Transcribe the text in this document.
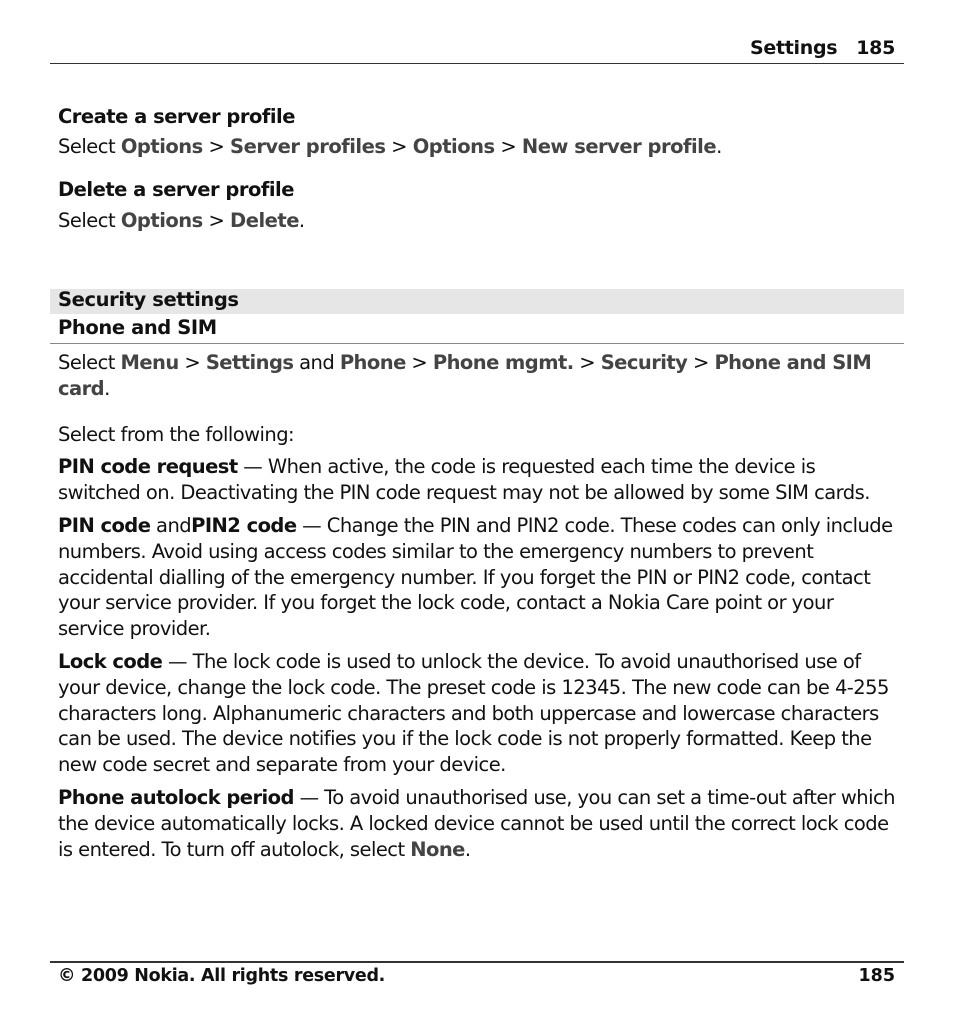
Settings   185

Create a server profile

Select Options > Server profiles > Options > New server profile.

Delete a server profile

Select Options > Delete.

Security settings
Phone and SIM

Select Menu > Settings and Phone > Phone mgmt. > Security > Phone and SIM card.

Select from the following:

PIN code request — When active, the code is requested each time the device is switched on. Deactivating the PIN code request may not be allowed by some SIM cards.

PIN code andPIN2 code — Change the PIN and PIN2 code. These codes can only include numbers. Avoid using access codes similar to the emergency numbers to prevent accidental dialling of the emergency number. If you forget the PIN or PIN2 code, contact your service provider. If you forget the lock code, contact a Nokia Care point or your service provider.

Lock code — The lock code is used to unlock the device. To avoid unauthorised use of your device, change the lock code. The preset code is 12345. The new code can be 4-255 characters long. Alphanumeric characters and both uppercase and lowercase characters can be used. The device notifies you if the lock code is not properly formatted. Keep the new code secret and separate from your device.

Phone autolock period — To avoid unauthorised use, you can set a time-out after which the device automatically locks. A locked device cannot be used until the correct lock code is entered. To turn off autolock, select None.

© 2009 Nokia. All rights reserved.	185
